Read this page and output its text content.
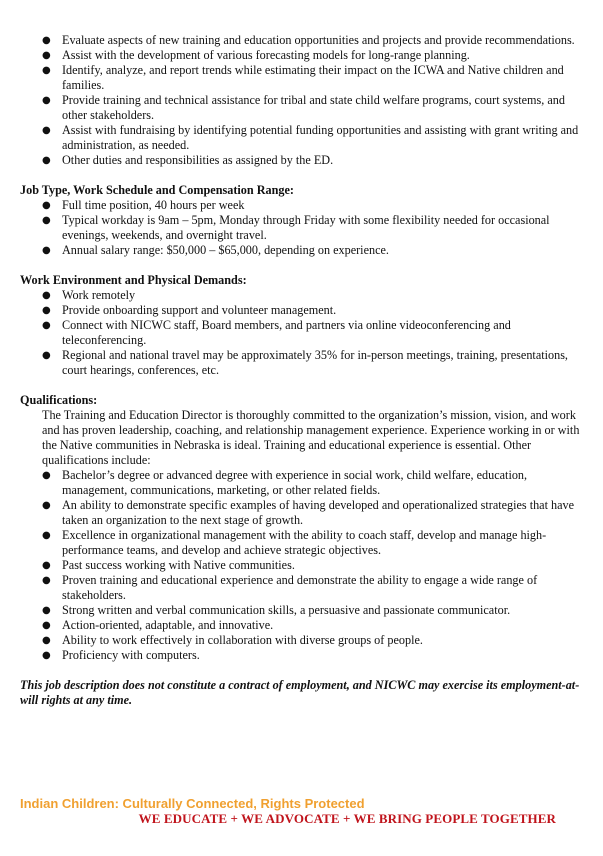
● Evaluate aspects of new training and education opportunities and projects and provide recommendations.
● Assist with the development of various forecasting models for long-range planning.
● Identify, analyze, and report trends while estimating their impact on the ICWA and Native children and families.
● Provide training and technical assistance for tribal and state child welfare programs, court systems, and other stakeholders.
● Assist with fundraising by identifying potential funding opportunities and assisting with grant writing and administration, as needed.
● Other duties and responsibilities as assigned by the ED.

Job Type, Work Schedule and Compensation Range:

● Full time position, 40 hours per week
● Typical workday is 9am – 5pm, Monday through Friday with some flexibility needed for occasional evenings, weekends, and overnight travel.
● Annual salary range: $50,000 – $65,000, depending on experience.

Work Environment and Physical Demands:

● Work remotely
● Provide onboarding support and volunteer management.
● Connect with NICWC staff, Board members, and partners via online videoconferencing and teleconferencing.
● Regional and national travel may be approximately 35% for in-person meetings, training, presentations, court hearings, conferences, etc.

Qualifications:

The Training and Education Director is thoroughly committed to the organization’s mission, vision, and work and has proven leadership, coaching, and relationship management experience. Experience working in or with the Native communities in Nebraska is ideal. Training and educational experience is essential. Other qualifications include:

● Bachelor’s degree or advanced degree with experience in social work, child welfare, education, management, communications, marketing, or other related fields.
● An ability to demonstrate specific examples of having developed and operationalized strategies that have taken an organization to the next stage of growth.
● Excellence in organizational management with the ability to coach staff, develop and manage high-performance teams, and develop and achieve strategic objectives.
● Past success working with Native communities.
● Proven training and educational experience and demonstrate the ability to engage a wide range of stakeholders.
● Strong written and verbal communication skills, a persuasive and passionate communicator.
● Action-oriented, adaptable, and innovative.
● Ability to work effectively in collaboration with diverse groups of people.
● Proficiency with computers.

This job description does not constitute a contract of employment, and NICWC may exercise its employment-at-will rights at any time.

Indian Children: Culturally Connected, Rights Protected
WE EDUCATE + WE ADVOCATE + WE BRING PEOPLE TOGETHER
